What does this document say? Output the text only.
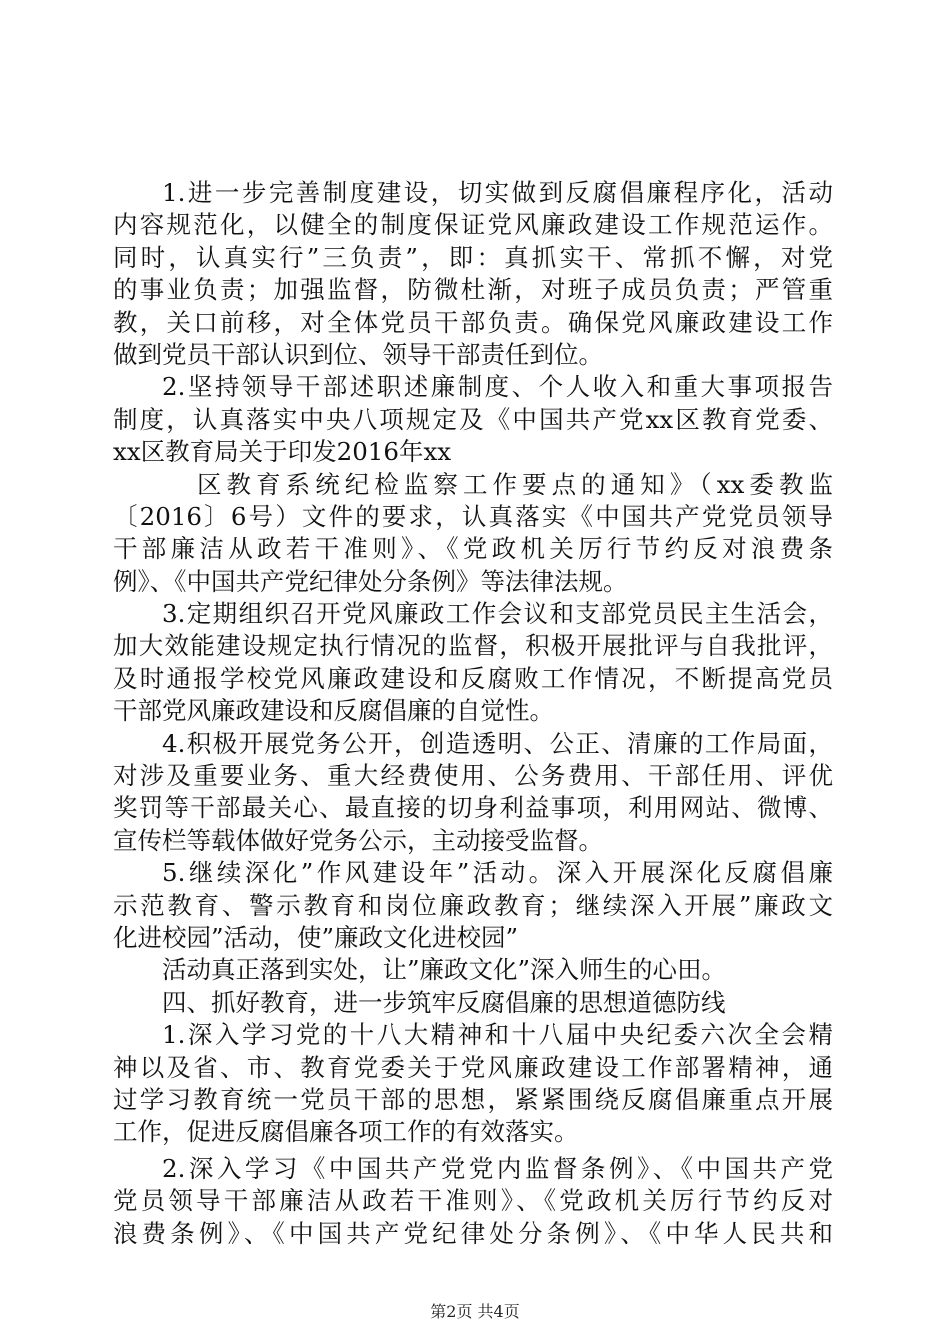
1.进一步完善制度建设，切实做到反腐倡廉程序化，活动
内容规范化，以健全的制度保证党风廉政建设工作规范运作。
同时，认真实行”三负责”，即：真抓实干、常抓不懈，对党
的事业负责；加强监督，防微杜渐，对班子成员负责；严管重
教，关口前移，对全体党员干部负责。确保党风廉政建设工作
做到党员干部认识到位、领导干部责任到位。
2.坚持领导干部述职述廉制度、个人收入和重大事项报告
制度，认真落实中央八项规定及《中国共产党xx区教育党委、
xx区教育局关于印发2016年xx
区教育系统纪检监察工作要点的通知》（xx委教监
〔2016〕6号）文件的要求，认真落实《中国共产党党员领导
干部廉洁从政若干准则》、《党政机关厉行节约反对浪费条
例》、《中国共产党纪律处分条例》等法律法规。
3.定期组织召开党风廉政工作会议和支部党员民主生活会，
加大效能建设规定执行情况的监督，积极开展批评与自我批评，
及时通报学校党风廉政建设和反腐败工作情况，不断提高党员
干部党风廉政建设和反腐倡廉的自觉性。
4.积极开展党务公开，创造透明、公正、清廉的工作局面，
对涉及重要业务、重大经费使用、公务费用、干部任用、评优
奖罚等干部最关心、最直接的切身利益事项，利用网站、微博、
宣传栏等载体做好党务公示，主动接受监督。
5.继续深化”作风建设年”活动。深入开展深化反腐倡廉
示范教育、警示教育和岗位廉政教育；继续深入开展”廉政文
化进校园”活动，使”廉政文化进校园”
活动真正落到实处，让”廉政文化”深入师生的心田。
四、抓好教育，进一步筑牢反腐倡廉的思想道德防线
1.深入学习党的十八大精神和十八届中央纪委六次全会精
神以及省、市、教育党委关于党风廉政建设工作部署精神，通
过学习教育统一党员干部的思想，紧紧围绕反腐倡廉重点开展
工作，促进反腐倡廉各项工作的有效落实。
2.深入学习《中国共产党党内监督条例》、《中国共产党
党员领导干部廉洁从政若干准则》、《党政机关厉行节约反对
浪费条例》、《中国共产党纪律处分条例》、《中华人民共和
第2页 共4页
